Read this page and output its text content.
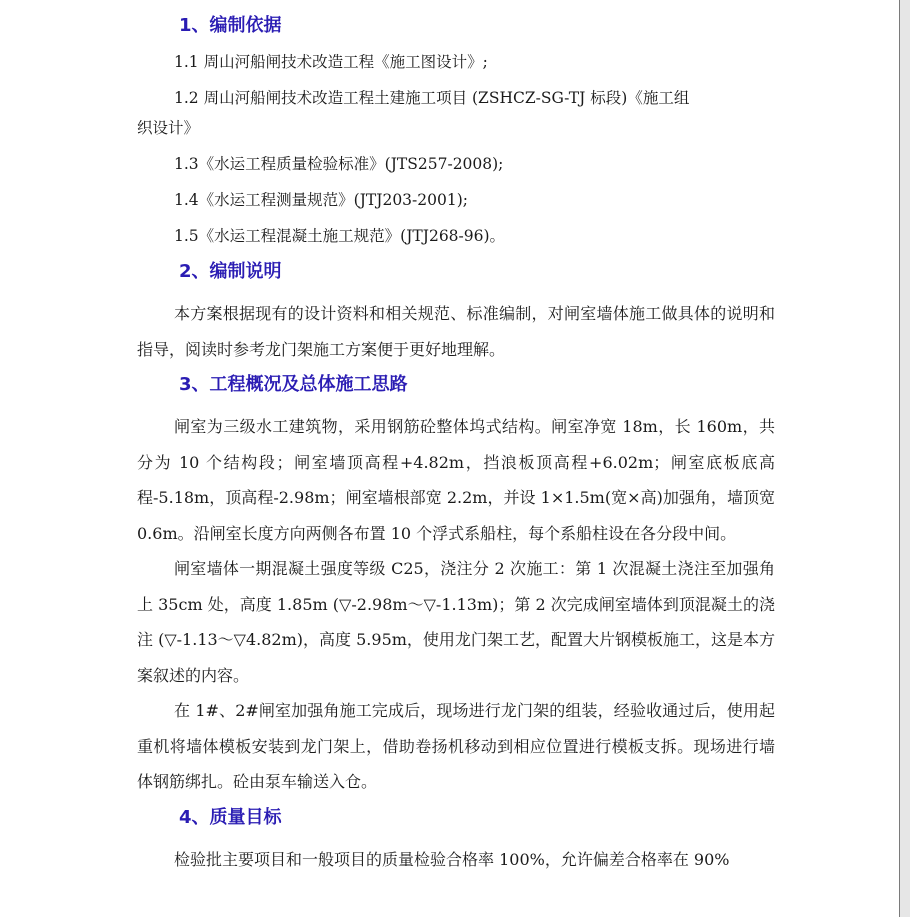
1、编制依据
1.1 周山河船闸技术改造工程《施工图设计》;
1.2 周山河船闸技术改造工程土建施工项目 (ZSHCZ-SG-TJ 标段)《施工组
织设计》
1.3《水运工程质量检验标准》(JTS257-2008);
1.4《水运工程测量规范》(JTJ203-2001);
1.5《水运工程混凝土施工规范》(JTJ268-96)。
2、编制说明

本方案根据现有的设计资料和相关规范、标准编制，对闸室墙体施工做具体的说明和指导，阅读时参考龙门架施工方案便于更好地理解。

3、工程概况及总体施工思路

闸室为三级水工建筑物，采用钢筋砼整体坞式结构。闸室净宽 18m，长 160m，共分为 10 个结构段；闸室墙顶高程+4.82m，挡浪板顶高程+6.02m；闸室底板底高程-5.18m，顶高程-2.98m；闸室墙根部宽 2.2m，并设 1×1.5m(宽×高)加强角，墙顶宽 0.6m。沿闸室长度方向两侧各布置 10 个浮式系船柱，每个系船柱设在各分段中间。

闸室墙体一期混凝土强度等级 C25，浇注分 2 次施工：第 1 次混凝土浇注至加强角上 35cm 处，高度 1.85m (▽-2.98m～▽-1.13m)；第 2 次完成闸室墙体到顶混凝土的浇注 (▽-1.13～▽4.82m)，高度 5.95m，使用龙门架工艺，配置大片钢模板施工，这是本方案叙述的内容。

在 1#、2#闸室加强角施工完成后，现场进行龙门架的组装，经验收通过后，使用起重机将墙体模板安装到龙门架上，借助卷扬机移动到相应位置进行模板支拆。现场进行墙体钢筋绑扎。砼由泵车输送入仓。

4、质量目标

检验批主要项目和一般项目的质量检验合格率 100%，允许偏差合格率在 90%
